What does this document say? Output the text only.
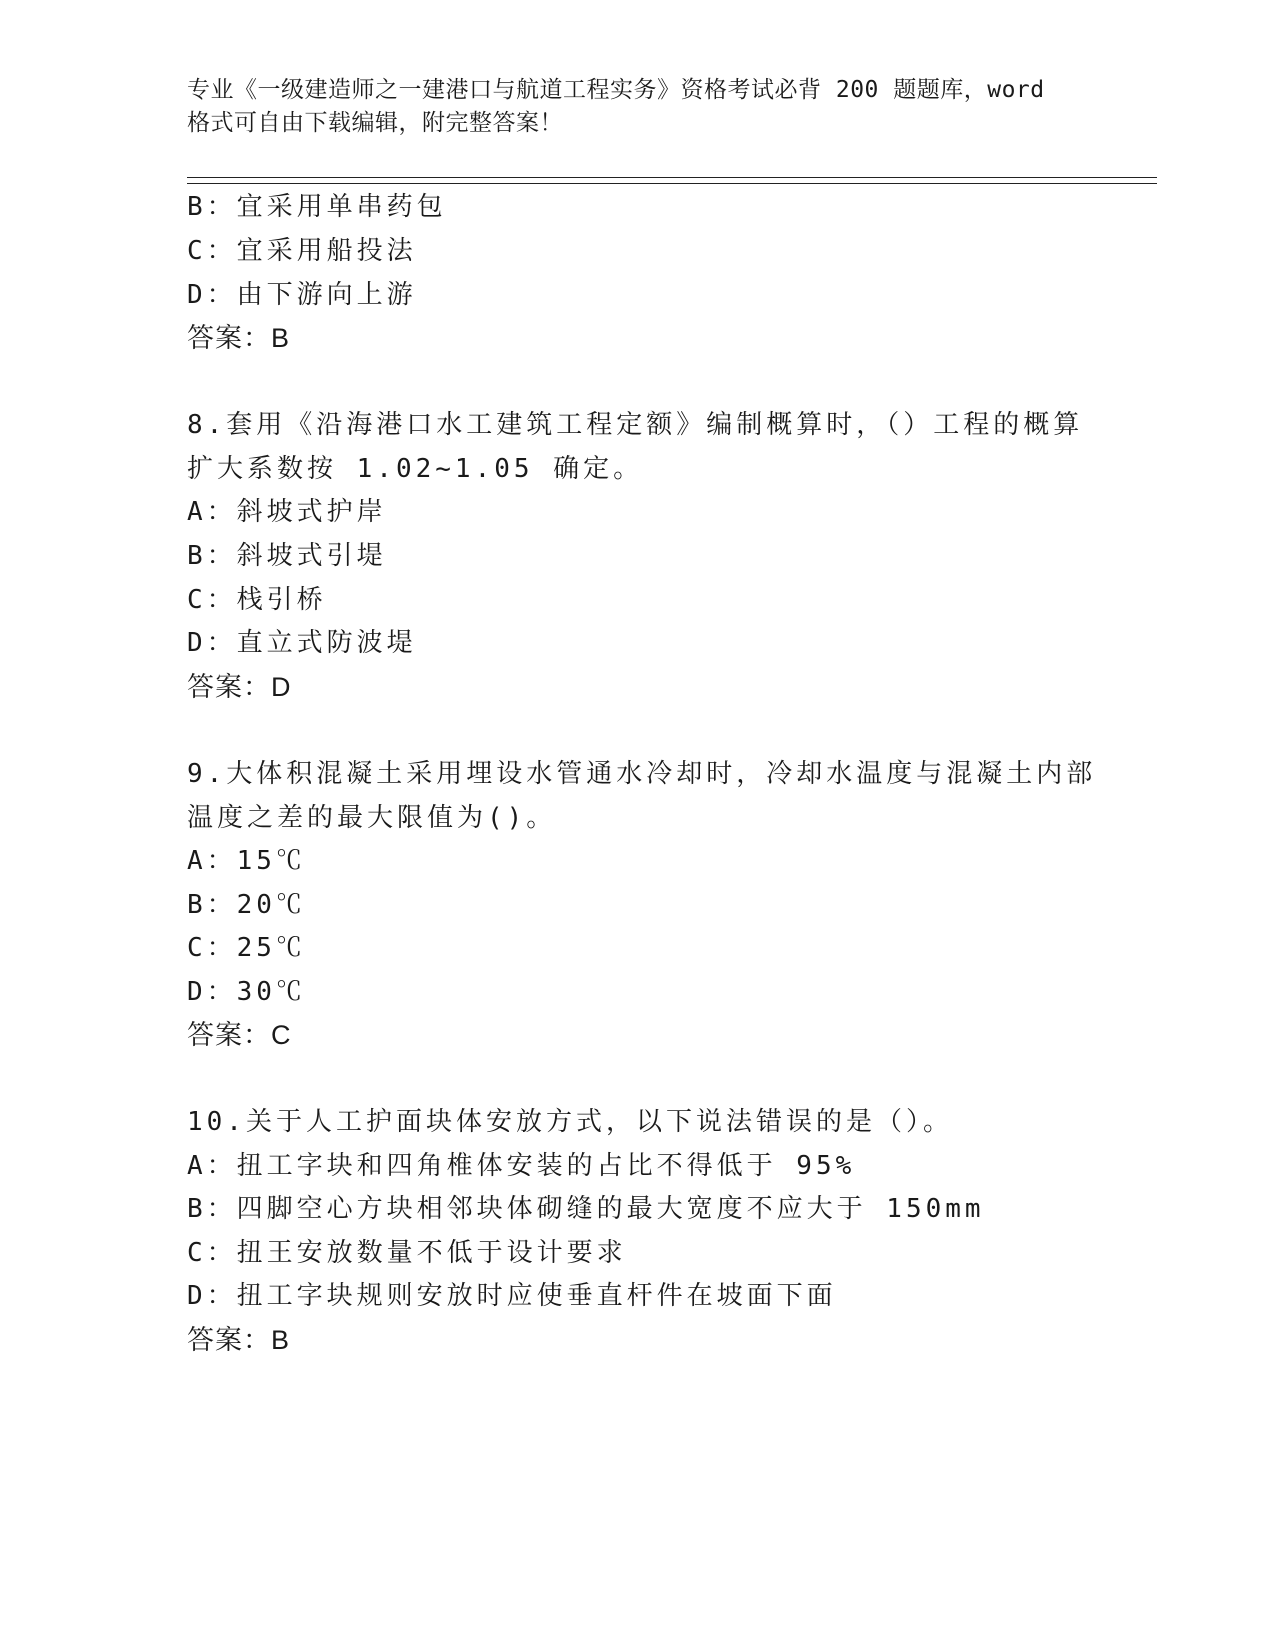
专业《一级建造师之一建港口与航道工程实务》资格考试必背 200 题题库，word
格式可自由下载编辑，附完整答案！
B：宜采用单串药包
C：宜采用船投法
D：由下游向上游
答案：B
8.套用《沿海港口水工建筑工程定额》编制概算时，（）工程的概算
扩大系数按 1.02~1.05 确定。
A：斜坡式护岸
B：斜坡式引堤
C：栈引桥
D：直立式防波堤
答案：D
9.大体积混凝土采用埋设水管通水冷却时，冷却水温度与混凝土内部
温度之差的最大限值为()。
A：15℃
B：20℃
C：25℃
D：30℃
答案：C
10.关于人工护面块体安放方式，以下说法错误的是（）。
A：扭工字块和四角椎体安装的占比不得低于 95%
B：四脚空心方块相邻块体砌缝的最大宽度不应大于 150mm
C：扭王安放数量不低于设计要求
D：扭工字块规则安放时应使垂直杆件在坡面下面
答案：B
